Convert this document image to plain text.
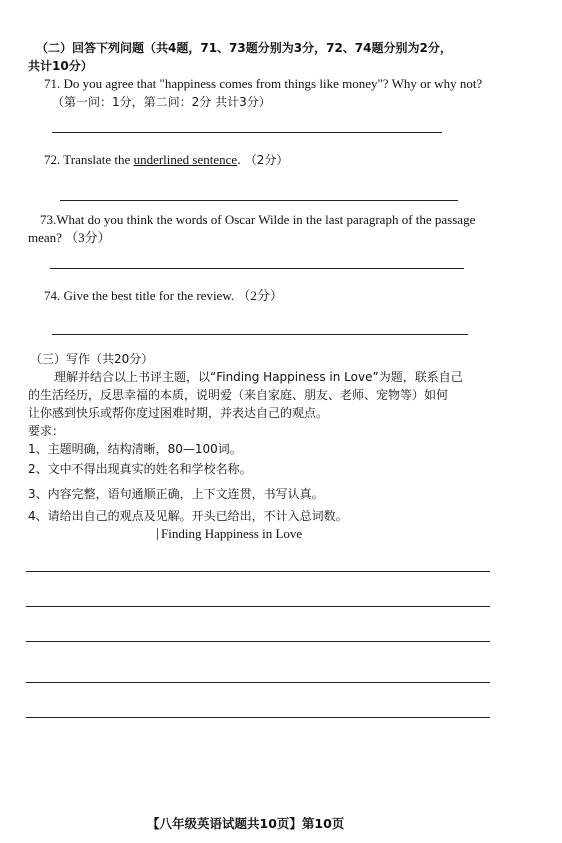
（二）回答下列问题（共4题，71、73题分别为3分，72、74题分别为2分，
共计10分）
71. Do you agree that "happiness comes from things like money"? Why or why not?
（第一问：1分，第二问：2分 共计3分）
72. Translate the underlined sentence. （2分）
73.What do you think the words of Oscar Wilde in the last paragraph of the passage
mean? （3分）
74. Give the best title for the review. （2分）
（三）写作（共20分）
理解并结合以上书评主题，以“Finding Happiness in Love”为题，联系自己
的生活经历，反思幸福的本质，说明爱（来自家庭、朋友、老师、宠物等）如何
让你感到快乐或帮你度过困难时期，并表达自己的观点。
要求：
1、主题明确，结构清晰，80—100词。
2、文中不得出现真实的姓名和学校名称。
3、内容完整，语句通顺正确，上下文连贯，书写认真。
4、请给出自己的观点及见解。开头已给出，不计入总词数。
Finding Happiness in Love
【八年级英语试题共10页】第10页
